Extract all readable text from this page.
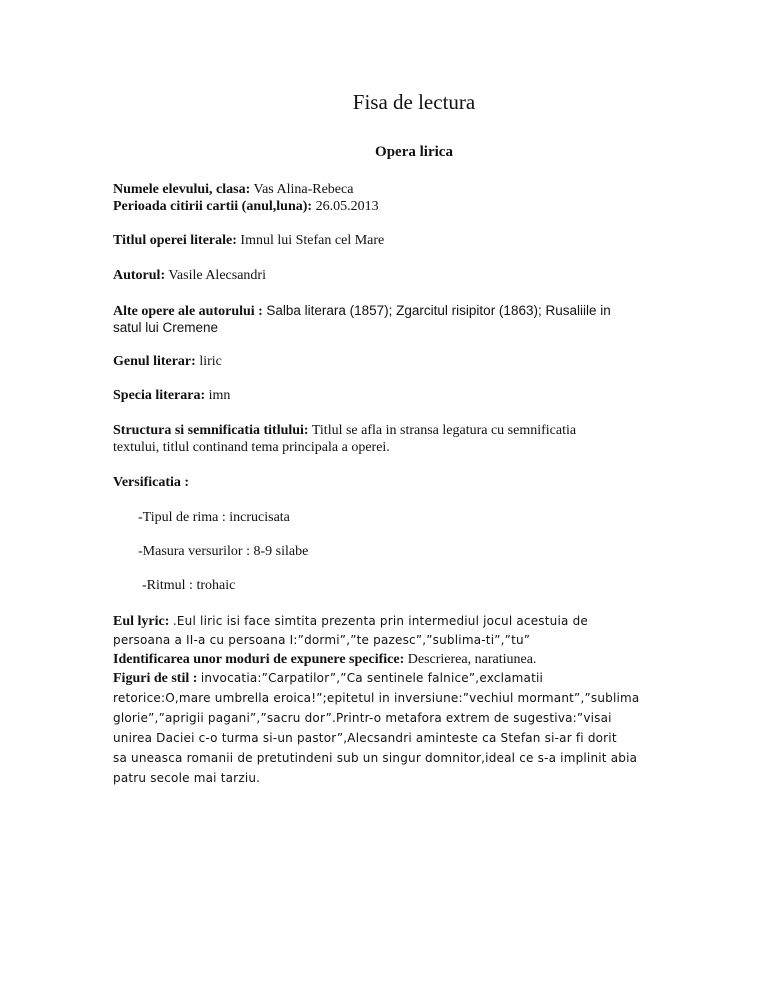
Fisa de lectura
Opera lirica
Numele elevului, clasa: Vas Alina-Rebeca
Perioada citirii cartii (anul,luna): 26.05.2013
Titlul operei literale: Imnul lui Stefan cel Mare
Autorul: Vasile Alecsandri
Alte opere ale autorului : Salba literara (1857); Zgarcitul risipitor (1863); Rusaliile in
satul lui Cremene
Genul literar: liric
Specia literara: imn
Structura si semnificatia titlului: Titlul se afla in stransa legatura cu semnificatia
textului, titlul continand tema principala a operei.
Versificatia :
-Tipul de rima : incrucisata
-Masura versurilor : 8-9 silabe
-Ritmul : trohaic
Eul lyric: .Eul liric isi face simtita prezenta prin intermediul jocul acestuia de
persoana a II-a cu persoana I:”dormi”,”te pazesc”,”sublima-ti”,”tu”
Identificarea unor moduri de expunere specifice: Descrierea, naratiunea.
Figuri de stil : invocatia:”Carpatilor”,”Ca sentinele falnice”,exclamatii
retorice:O,mare umbrella eroica!”;epitetul in inversiune:”vechiul mormant”,”sublima
glorie”,”aprigii pagani”,”sacru dor”.Printr-o metafora extrem de sugestiva:”visai
unirea Daciei c-o turma si-un pastor”,Alecsandri aminteste ca Stefan si-ar fi dorit
sa uneasca romanii de pretutindeni sub un singur domnitor,ideal ce s-a implinit abia
patru secole mai tarziu.
